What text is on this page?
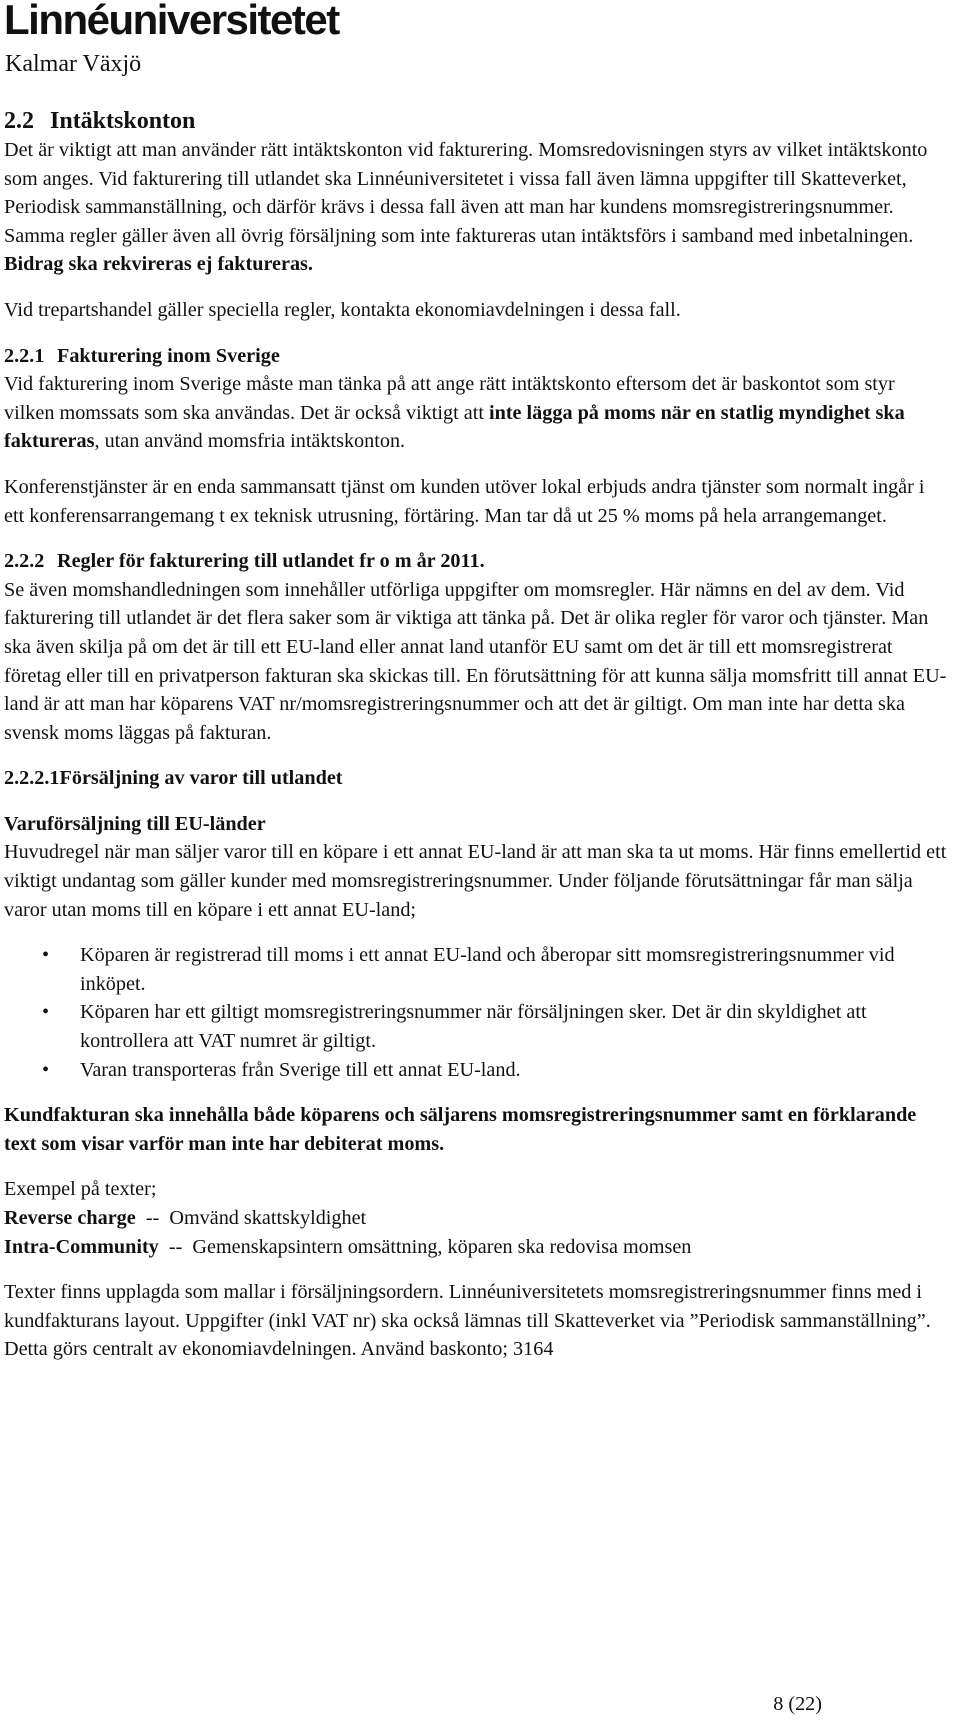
Linnéuniversitetet
Kalmar Växjö
2.2 Intäktskonton

Det är viktigt att man använder rätt intäktskonton vid fakturering. Momsredovisningen styrs av vilket intäktskonto som anges. Vid fakturering till utlandet ska Linnéuniversitetet i vissa fall även lämna uppgifter till Skatteverket, Periodisk sammanställning, och därför krävs i dessa fall även att man har kundens momsregistreringsnummer. Samma regler gäller även all övrig försäljning som inte faktureras utan intäktsförs i samband med inbetalningen. Bidrag ska rekvireras ej faktureras.

Vid trepartshandel gäller speciella regler, kontakta ekonomiavdelningen i dessa fall.

2.2.1 Fakturering inom Sverige

Vid fakturering inom Sverige måste man tänka på att ange rätt intäktskonto eftersom det är baskontot som styr vilken momssats som ska användas. Det är också viktigt att inte lägga på moms när en statlig myndighet ska faktureras, utan använd momsfria intäktskonton.

Konferenstjänster är en enda sammansatt tjänst om kunden utöver lokal erbjuds andra tjänster som normalt ingår i ett konferensarrangemang t ex teknisk utrusning, förtäring. Man tar då ut 25 % moms på hela arrangemanget.

2.2.2 Regler för fakturering till utlandet fr o m år 2011.

Se även momshandledningen som innehåller utförliga uppgifter om momsregler. Här nämns en del av dem. Vid fakturering till utlandet är det flera saker som är viktiga att tänka på. Det är olika regler för varor och tjänster. Man ska även skilja på om det är till ett EU-land eller annat land utanför EU samt om det är till ett momsregistrerat företag eller till en privatperson fakturan ska skickas till. En förutsättning för att kunna sälja momsfritt till annat EU-land är att man har köparens VAT nr/momsregistreringsnummer och att det är giltigt. Om man inte har detta ska svensk moms läggas på fakturan.

2.2.2.1Försäljning av varor till utlandet

Varuförsäljning till EU-länder

Huvudregel när man säljer varor till en köpare i ett annat EU-land är att man ska ta ut moms. Här finns emellertid ett viktigt undantag som gäller kunder med momsregistreringsnummer. Under följande förutsättningar får man sälja varor utan moms till en köpare i ett annat EU-land;

• Köparen är registrerad till moms i ett annat EU-land och åberopar sitt momsregistreringsnummer vid inköpet.
• Köparen har ett giltigt momsregistreringsnummer när försäljningen sker. Det är din skyldighet att kontrollera att VAT numret är giltigt.
• Varan transporteras från Sverige till ett annat EU-land.

Kundfakturan ska innehålla både köparens och säljarens momsregistreringsnummer samt en förklarande text som visar varför man inte har debiterat moms.

Exempel på texter;

Reverse charge -- Omvänd skattskyldighet

Intra-Community -- Gemenskapsintern omsättning, köparen ska redovisa momsen

Texter finns upplagda som mallar i försäljningsordern. Linnéuniversitetets momsregistreringsnummer finns med i kundfakturans layout. Uppgifter (inkl VAT nr) ska också lämnas till Skatteverket via ”Periodisk sammanställning”. Detta görs centralt av ekonomiavdelningen. Använd baskonto; 3164

8 (22)
